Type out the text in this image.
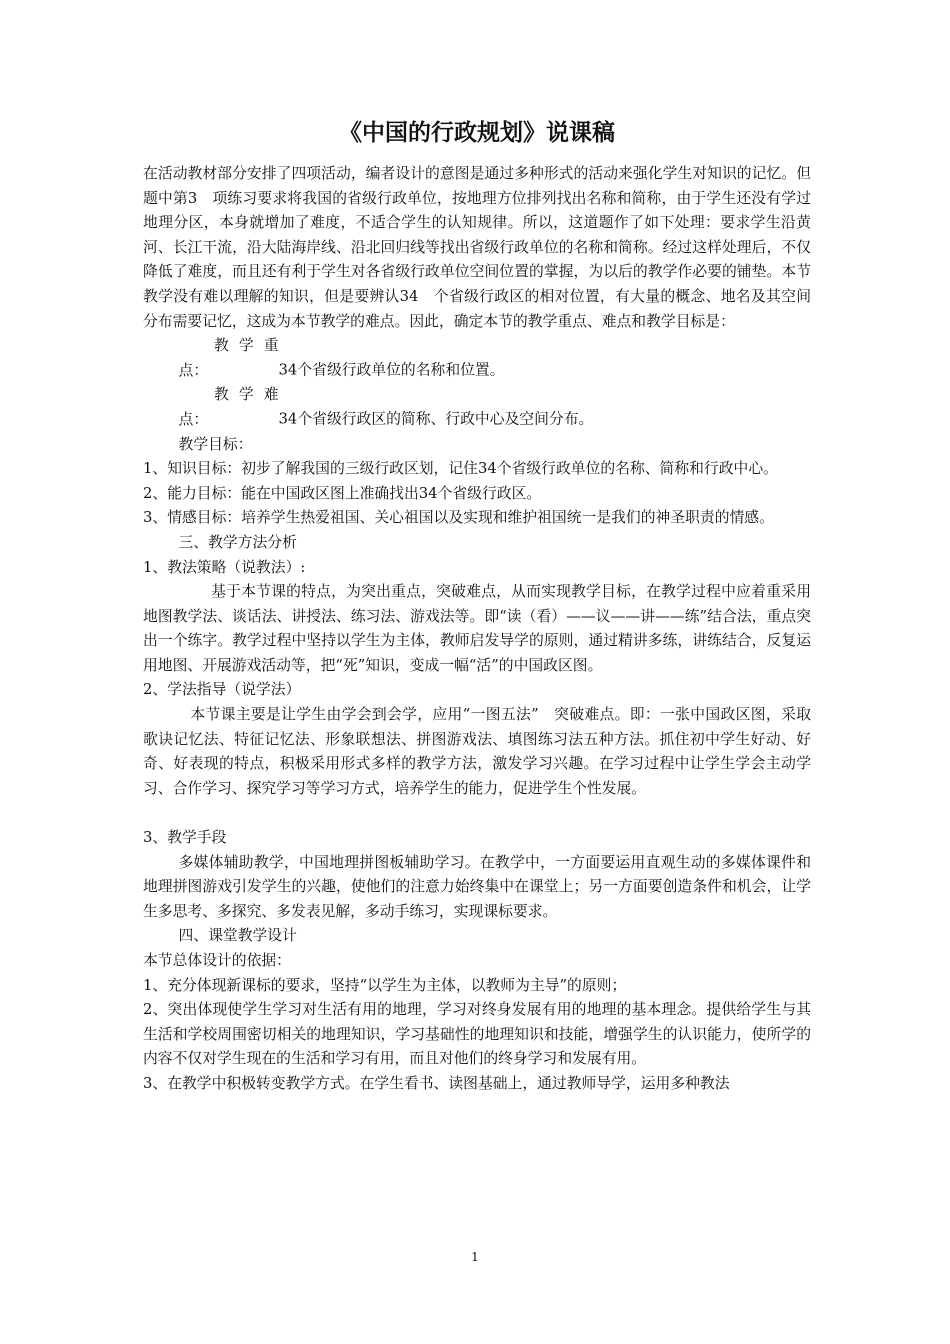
《中国的行政规划》说课稿

在活动教材部分安排了四项活动，编者设计的意图是通过多种形式的活动来强化学生对知识的记忆。但题中第3　项练习要求将我国的省级行政单位，按地理方位排列找出名称和简称，由于学生还没有学过地理分区，本身就增加了难度，不适合学生的认知规律。所以，这道题作了如下处理：要求学生沿黄河、长江干流，沿大陆海岸线、沿北回归线等找出省级行政单位的名称和简称。经过这样处理后，不仅降低了难度，而且还有利于学生对各省级行政单位空间位置的掌握，为以后的教学作必要的铺垫。本节教学没有难以理解的知识，但是要辨认34　个省级行政区的相对位置，有大量的概念、地名及其空间分布需要记忆，这成为本节教学的难点。因此，确定本节的教学重点、难点和教学目标是：

教学重点：	34个省级行政单位的名称和位置。

教学难点：	34个省级行政区的简称、行政中心及空间分布。

教学目标：

1、知识目标：初步了解我国的三级行政区划，记住34个省级行政单位的名称、简称和行政中心。

2、能力目标：能在中国政区图上准确找出34个省级行政区。

3、情感目标：培养学生热爱祖国、关心祖国以及实现和维护祖国统一是我们的神圣职责的情感。

三、教学方法分析

1、教法策略（说教法）:

基于本节课的特点，为突出重点，突破难点，从而实现教学目标，在教学过程中应着重采用地图教学法、谈话法、讲授法、练习法、游戏法等。即“读（看）——议——讲——练”结合法，重点突出一个练字。教学过程中坚持以学生为主体，教师启发导学的原则，通过精讲多练，讲练结合，反复运用地图、开展游戏活动等，把“死”知识，变成一幅“活”的中国政区图。

2、学法指导（说学法）

本节课主要是让学生由学会到会学，应用“一图五法”　突破难点。即：一张中国政区图，采取歌诀记忆法、特征记忆法、形象联想法、拼图游戏法、填图练习法五种方法。抓住初中学生好动、好奇、好表现的特点，积极采用形式多样的教学方法，激发学习兴趣。在学习过程中让学生学会主动学习、合作学习、探究学习等学习方式，培养学生的能力，促进学生个性发展。

3、教学手段

多媒体辅助教学，中国地理拼图板辅助学习。在教学中，一方面要运用直观生动的多媒体课件和地理拼图游戏引发学生的兴趣，使他们的注意力始终集中在课堂上；另一方面要创造条件和机会，让学生多思考、多探究、多发表见解，多动手练习，实现课标要求。

四、课堂教学设计

本节总体设计的依据：

1、充分体现新课标的要求，坚持“以学生为主体，以教师为主导”的原则；

2、突出体现使学生学习对生活有用的地理，学习对终身发展有用的地理的基本理念。提供给学生与其生活和学校周围密切相关的地理知识，学习基础性的地理知识和技能，增强学生的认识能力，使所学的内容不仅对学生现在的生活和学习有用，而且对他们的终身学习和发展有用。

3、在教学中积极转变教学方式。在学生看书、读图基础上，通过教师导学，运用多种教法

1
